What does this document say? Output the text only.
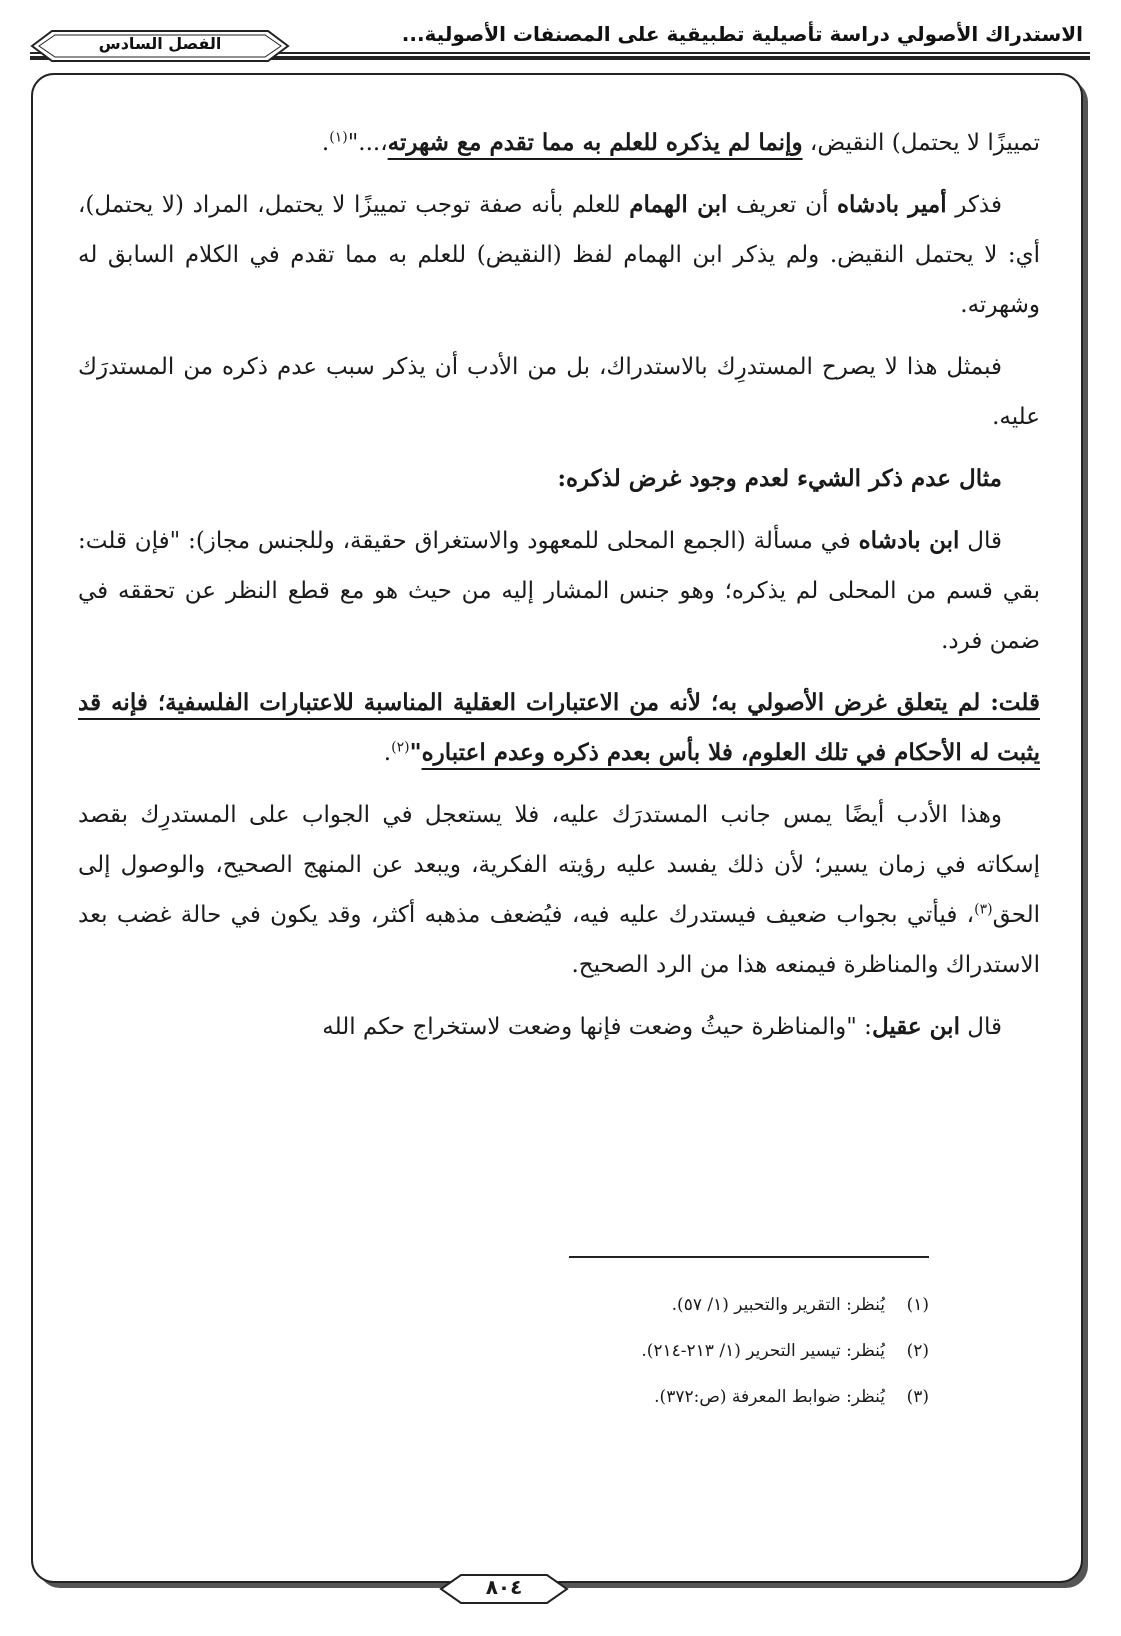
الاستدراك الأصولي دراسة تأصيلية تطبيقية على المصنفات الأصولية...
الفصل السادس

تمييزًا لا يحتمل) النقيض، وإنما لم يذكره للعلم به مما تقدم مع شهرته،..."$^{(١)}$.

فذكر أمير بادشاه أن تعريف ابن الهمام للعلم بأنه صفة توجب تمييزًا لا يحتمل، المراد (لا يحتمل)، أي: لا يحتمل النقيض. ولم يذكر ابن الهمام لفظ (النقيض) للعلم به مما تقدم في الكلام السابق له وشهرته.

فبمثل هذا لا يصرح المستدرِك بالاستدراك، بل من الأدب أن يذكر سبب عدم ذكره من المستدرَك عليه.

مثال عدم ذكر الشيء لعدم وجود غرض لذكره:

قال ابن بادشاه في مسألة (الجمع المحلى للمعهود والاستغراق حقيقة، وللجنس مجاز): "فإن قلت: بقي قسم من المحلى لم يذكره؛ وهو جنس المشار إليه من حيث هو مع قطع النظر عن تحققه في ضمن فرد.

قلت: لم يتعلق غرض الأصولي به؛ لأنه من الاعتبارات العقلية المناسبة للاعتبارات الفلسفية؛ فإنه قد يثبت له الأحكام في تلك العلوم، فلا بأس بعدم ذكره وعدم اعتباره"$^{(٢)}$.

وهذا الأدب أيضًا يمس جانب المستدرَك عليه، فلا يستعجل في الجواب على المستدرِك بقصد إسكاته في زمان يسير؛ لأن ذلك يفسد عليه رؤيته الفكرية، ويبعد عن المنهج الصحيح، والوصول إلى الحق$^{(٣)}$، فيأتي بجواب ضعيف فيستدرك عليه فيه، فيُضعف مذهبه أكثر، وقد يكون في حالة غضب بعد الاستدراك والمناظرة فيمنعه هذا من الرد الصحيح.

قال ابن عقيل: "والمناظرة حيثُ وضعت فإنها وضعت لاستخراج حكم الله

(١)يُنظر: التقرير والتحبير (١/ ٥٧).

(٢)يُنظر: تيسير التحرير (١/ ٢١٣-٢١٤).

(٣)يُنظر: ضوابط المعرفة (ص:٣٧٢).

٨٠٤
